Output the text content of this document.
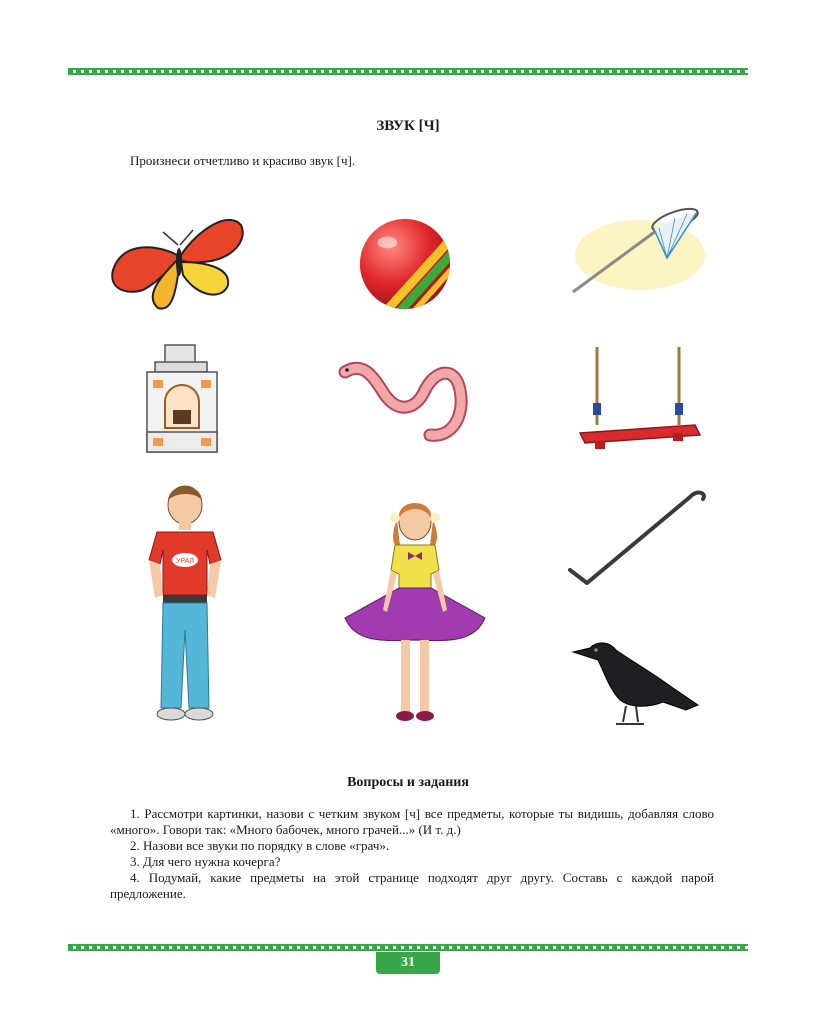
ЗВУК [Ч]
Произнеси отчетливо и красиво звук [ч].
УРАЛ
Вопросы и задания

1. Рассмотри картинки, назови с четким звуком [ч] все предметы, которые ты видишь, добавляя слово «много». Говори так: «Много бабочек, много грачей...» (И т. д.)

2. Назови все звуки по порядку в слове «грач».

3. Для чего нужна кочерга?

4. Подумай, какие предметы на этой странице подходят друг другу. Составь с каждой парой предложение.

31
